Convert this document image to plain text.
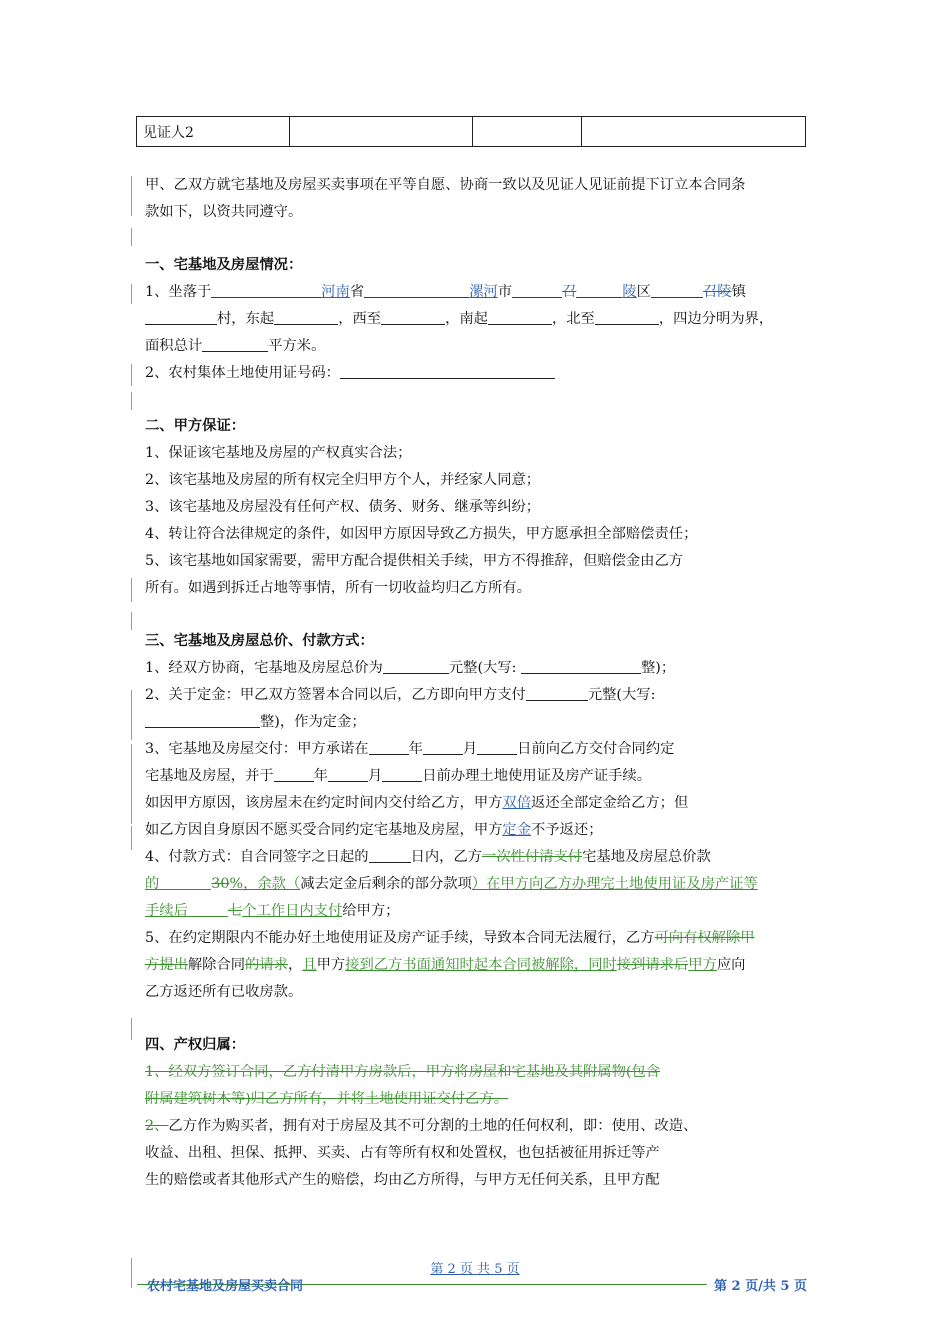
见证人2			
甲、乙双方就宅基地及房屋买卖事项在平等自愿、协商一致以及见证人见证前提下订立本合同条
款如下，以资共同遵守。
一、宅基地及房屋情况：
1、坐落于	河南省	漯河市	召	陵区	召陵镇
村，东起	，西至	，南起	，北至	，四边分明为界，
面积总计	平方米。
2、农村集体土地使用证号码：
二、甲方保证：
1、保证该宅基地及房屋的产权真实合法；
2、该宅基地及房屋的所有权完全归甲方个人，并经家人同意；
3、该宅基地及房屋没有任何产权、债务、财务、继承等纠纷；
4、转让符合法律规定的条件，如因甲方原因导致乙方损失，甲方愿承担全部赔偿责任；
5、该宅基地如国家需要，需甲方配合提供相关手续，甲方不得推辞，但赔偿金由乙方
所有。如遇到拆迁占地等事情，所有一切收益均归乙方所有。
三、宅基地及房屋总价、付款方式：
1、经双方协商，宅基地及房屋总价为	元整(大写:	整)；
2、关于定金：甲乙双方签署本合同以后，乙方即向甲方支付	元整(大写:
整)，作为定金；
3、宅基地及房屋交付：甲方承诺在	年	月	日前向乙方交付合同约定
宅基地及房屋，并于	年	月	日前办理土地使用证及房产证手续。
如因甲方原因，该房屋未在约定时间内交付给乙方，甲方双倍返还全部定金给乙方；但
如乙方因自身原因不愿买受合同约定宅基地及房屋，甲方定金不予返还；
4、付款方式：自合同签字之日起的	日内，乙方一次性付清支付宅基地及房屋总价款
的	30%，余款（减去定金后剩余的部分款项）在甲方向乙方办理完土地使用证及房产证等
手续后	七个工作日内支付给甲方；
5、在约定期限内不能办好土地使用证及房产证手续，导致本合同无法履行，乙方可向有权解除甲
方提出解除合同的请求，且甲方接到乙方书面通知时起本合同被解除，同时接到请求后甲方应向
乙方返还所有已收房款。
四、产权归属：
1、经双方签订合同，乙方付清甲方房款后，甲方将房屋和宅基地及其附属物(包含
附属建筑树木等)归乙方所有，并将土地使用证交付乙方。
2、乙方作为购买者，拥有对于房屋及其不可分割的土地的任何权利，即：使用、改造、
收益、出租、担保、抵押、买卖、占有等所有权和处置权，也包括被征用拆迁等产
生的赔偿或者其他形式产生的赔偿，均由乙方所得，与甲方无任何关系，且甲方配
第 2 页 共 5 页
农村宅基地及房屋买卖合同	第 2 页/共 5 页
